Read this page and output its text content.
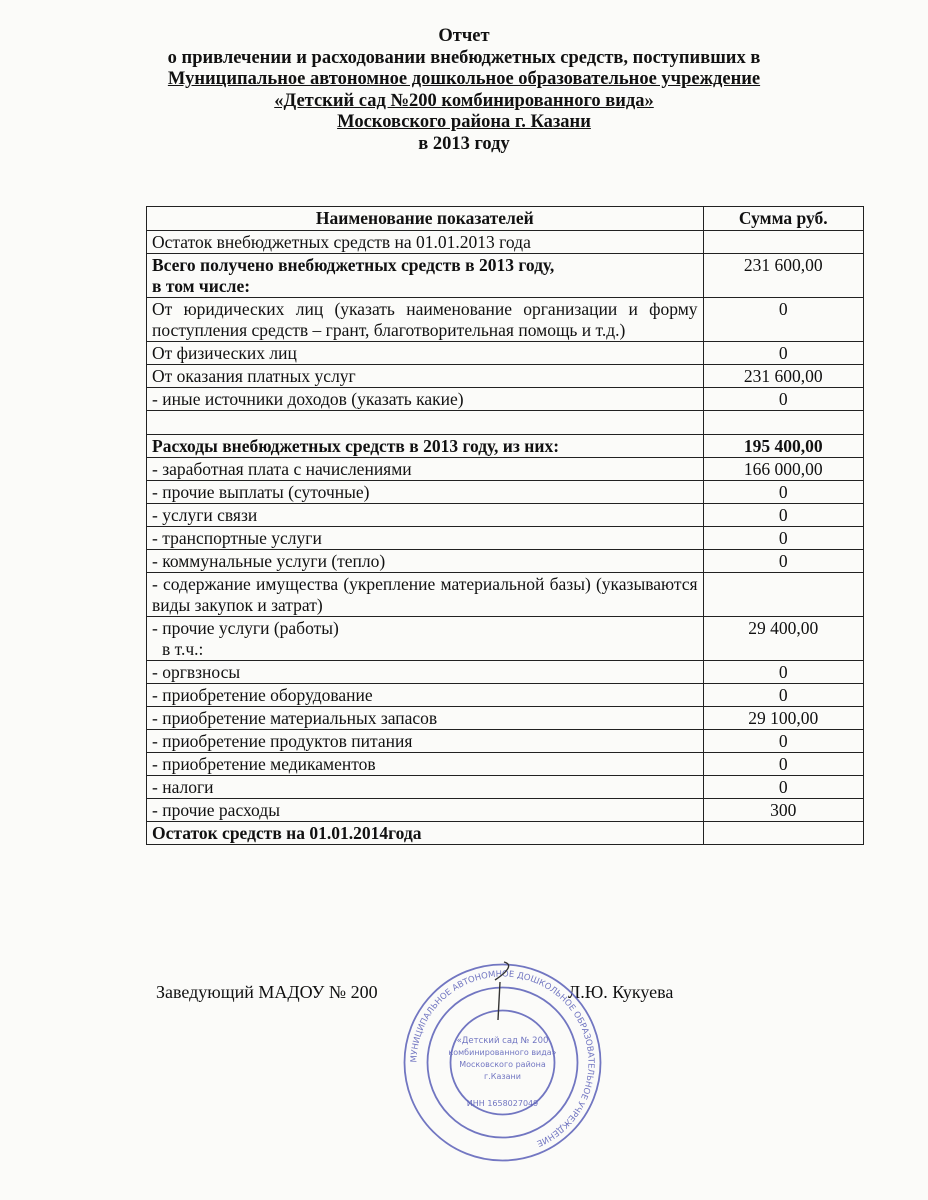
Отчет
о привлечении и расходовании внебюджетных средств, поступивших в
Муниципальное автономное дошкольное образовательное учреждение
«Детский сад №200 комбинированного вида»
Московского района г. Казани
в 2013 году
Наименование показателей	Сумма руб.
Остаток внебюджетных средств на 01.01.2013 года	

Всего получено внебюджетных средств в 2013 году,
в том числе:	231 600,00
От юридических лиц (указать наименование организации и форму поступления средств – грант, благотворительная помощь и т.д.)	0
От физических лиц	0
От оказания платных услуг	231 600,00
- иные источники доходов (указать какие)	0

Расходы внебюджетных средств в 2013 году, из них:	195 400,00
- заработная плата с начислениями	166 000,00
- прочие выплаты (суточные)	0
- услуги связи	0
- транспортные услуги	0
- коммунальные услуги (тепло)	0
- содержание имущества (укрепление материальной базы) (указываются виды закупок и затрат)	

- прочие услуги (работы)
в т.ч.:	29 400,00
- оргвзносы	0
- приобретение оборудование	0
- приобретение материальных запасов	29 100,00
- приобретение продуктов питания	0
- приобретение медикаментов	0
- налоги	0
- прочие расходы	300
Остаток средств на 01.01.2014года	
Заведующий МАДОУ № 200	Л.Ю. Кукуева
МУНИЦИПАЛЬНОЕ АВТОНОМНОЕ ДОШКОЛЬНОЕ ОБРАЗОВАТЕЛЬНОЕ УЧРЕЖДЕНИЕ
«Детский сад № 200
комбинированного вида»
Московского района
г.Казани
ИНН 1658027049
